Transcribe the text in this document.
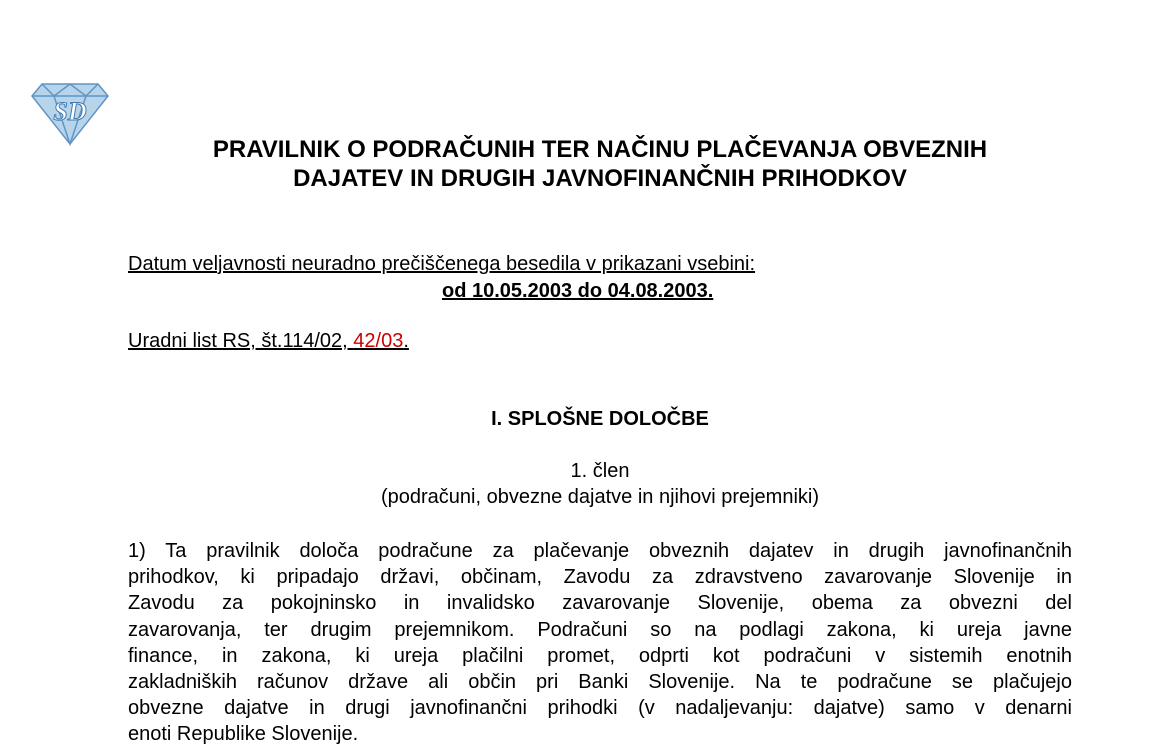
SD
PRAVILNIK O PODRAČUNIH TER NAČINU PLAČEVANJA OBVEZNIH
DAJATEV IN DRUGIH JAVNOFINANČNIH PRIHODKOV
Datum veljavnosti neuradno prečiščenega besedila v prikazani vsebini:
od 10.05.2003 do 04.08.2003.
Uradni list RS, št.114/02, 42/03.
I. SPLOŠNE DOLOČBE
1. člen
(podračuni, obvezne dajatve in njihovi prejemniki)
1) Ta pravilnik določa podračune za plačevanje obveznih dajatev in drugih javnofinančnih
prihodkov, ki pripadajo državi, občinam, Zavodu za zdravstveno zavarovanje Slovenije in
Zavodu za pokojninsko in invalidsko zavarovanje Slovenije, obema za obvezni del
zavarovanja, ter drugim prejemnikom. Podračuni so na podlagi zakona, ki ureja javne
finance, in zakona, ki ureja plačilni promet, odprti kot podračuni v sistemih enotnih
zakladniških računov države ali občin pri Banki Slovenije. Na te podračune se plačujejo
obvezne dajatve in drugi javnofinančni prihodki (v nadaljevanju: dajatve) samo v denarni
enoti Republike Slovenije.
